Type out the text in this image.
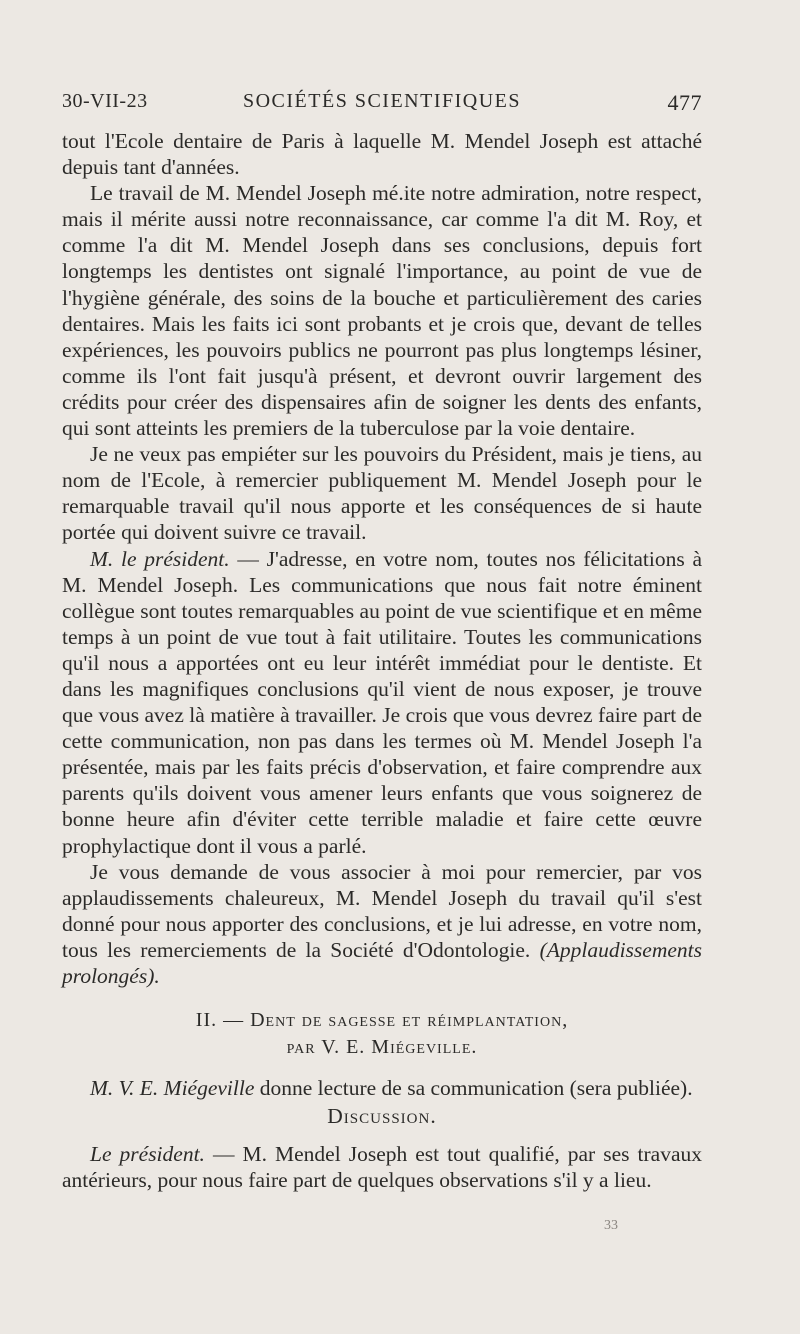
30-VII-23	SOCIÉTÉS SCIENTIFIQUES	477

tout l'Ecole dentaire de Paris à laquelle M. Mendel Joseph est attaché depuis tant d'années.

Le travail de M. Mendel Joseph mé.ite notre admiration, notre respect, mais il mérite aussi notre reconnaissance, car comme l'a dit M. Roy, et comme l'a dit M. Mendel Joseph dans ses conclusions, depuis fort longtemps les dentistes ont signalé l'importance, au point de vue de l'hygiène générale, des soins de la bouche et particulièrement des caries dentaires. Mais les faits ici sont probants et je crois que, devant de telles expériences, les pouvoirs publics ne pourront pas plus longtemps lésiner, comme ils l'ont fait jusqu'à présent, et devront ouvrir largement des crédits pour créer des dispensaires afin de soigner les dents des enfants, qui sont atteints les premiers de la tuberculose par la voie dentaire.

Je ne veux pas empiéter sur les pouvoirs du Président, mais je tiens, au nom de l'Ecole, à remercier publiquement M. Mendel Joseph pour le remarquable travail qu'il nous apporte et les conséquences de si haute portée qui doivent suivre ce travail.

M. le président. — J'adresse, en votre nom, toutes nos félicitations à M. Mendel Joseph. Les communications que nous fait notre éminent collègue sont toutes remarquables au point de vue scientifique et en même temps à un point de vue tout à fait utilitaire. Toutes les communications qu'il nous a apportées ont eu leur intérêt immédiat pour le dentiste. Et dans les magnifiques conclusions qu'il vient de nous exposer, je trouve que vous avez là matière à travailler. Je crois que vous devrez faire part de cette communication, non pas dans les termes où M. Mendel Joseph l'a présentée, mais par les faits précis d'observation, et faire comprendre aux parents qu'ils doivent vous amener leurs enfants que vous soignerez de bonne heure afin d'éviter cette terrible maladie et faire cette œuvre prophylactique dont il vous a parlé.

Je vous demande de vous associer à moi pour remercier, par vos applaudissements chaleureux, M. Mendel Joseph du travail qu'il s'est donné pour nous apporter des conclusions, et je lui adresse, en votre nom, tous les remerciements de la Société d'Odontologie. (Applaudissements prolongés).

II. — Dent de sagesse et réimplantation,
par V. E. Miégeville.

M. V. E. Miégeville donne lecture de sa communication (sera publiée).

Discussion.

Le président. — M. Mendel Joseph est tout qualifié, par ses travaux antérieurs, pour nous faire part de quelques observations s'il y a lieu.

33
